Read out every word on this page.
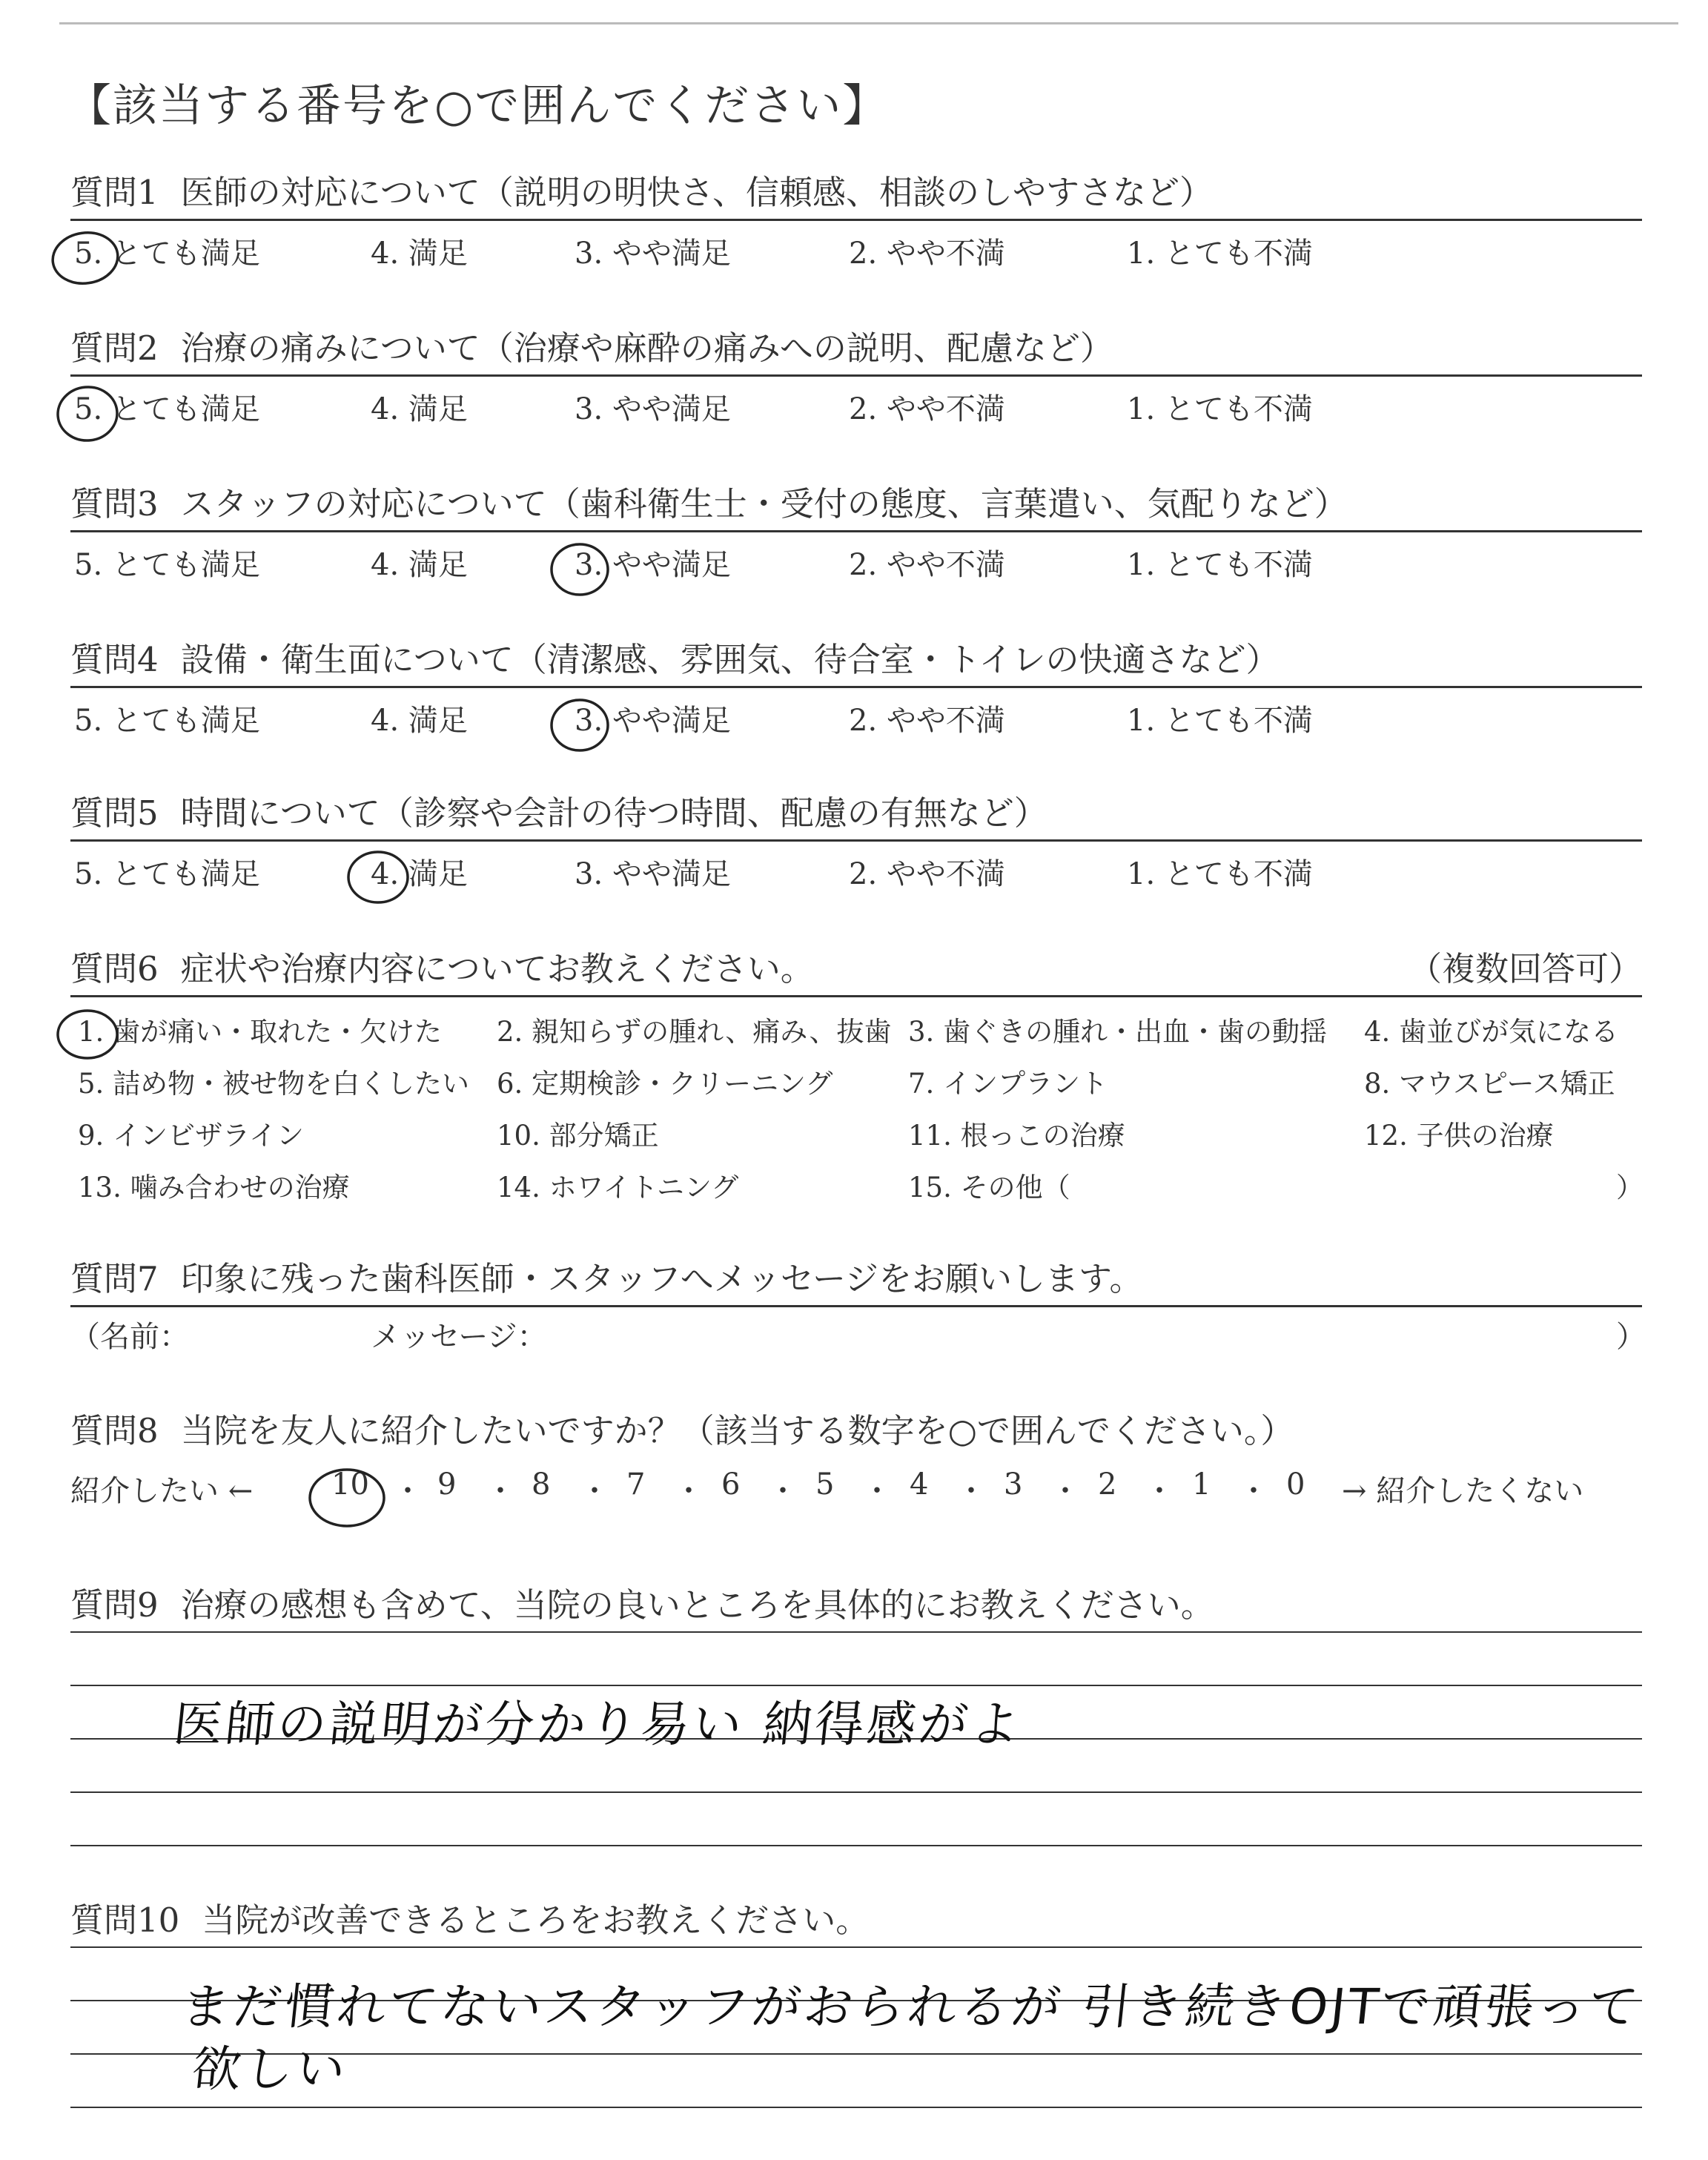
【該当する番号を○で囲んでください】
質問1 医師の対応について（説明の明快さ、信頼感、相談のしやすさなど）
5. とても満足	4. 満足	3. やや満足	2. やや不満	1. とても不満
質問2 治療の痛みについて（治療や麻酔の痛みへの説明、配慮など）
5. とても満足	4. 満足	3. やや満足	2. やや不満	1. とても不満
質問3 スタッフの対応について（歯科衛生士・受付の態度、言葉遣い、気配りなど）
5. とても満足	4. 満足	3. やや満足	2. やや不満	1. とても不満
質問4 設備・衛生面について（清潔感、雰囲気、待合室・トイレの快適さなど）
5. とても満足	4. 満足	3. やや満足	2. やや不満	1. とても不満
質問5 時間について（診察や会計の待つ時間、配慮の有無など）
5. とても満足	4. 満足	3. やや満足	2. やや不満	1. とても不満
質問6 症状や治療内容についてお教えください。	（複数回答可）
1. 歯が痛い・取れた・欠けた 2. 親知らずの腫れ、痛み、抜歯 3. 歯ぐきの腫れ・出血・歯の動揺 4. 歯並びが気になる
5. 詰め物・被せ物を白くしたい 6. 定期検診・クリーニング	7. インプラント	8. マウスピース矯正
9. インビザライン	10. 部分矯正	11. 根っこの治療	12. 子供の治療
13. 噛み合わせの治療	14. ホワイトニング	15. その他（	）
質問7 印象に残った歯科医師・スタッフへメッセージをお願いします。
（名前：	メッセージ：	）
質問8 当院を友人に紹介したいですか？（該当する数字を○で囲んでください。）
紹介したい ←	10 ・ 9 ・ 8 ・ 7 ・ 6 ・ 5 ・ 4 ・ 3 ・ 2 ・ 1 ・ 0 → 紹介したくない
質問9 治療の感想も含めて、当院の良いところを具体的にお教えください。
医師の説明が分かり易い 納得感がよ
質問10 当院が改善できるところをお教えください。
まだ慣れてないスタッフがおられるが 引き続きOJTで頑張って
欲しい
